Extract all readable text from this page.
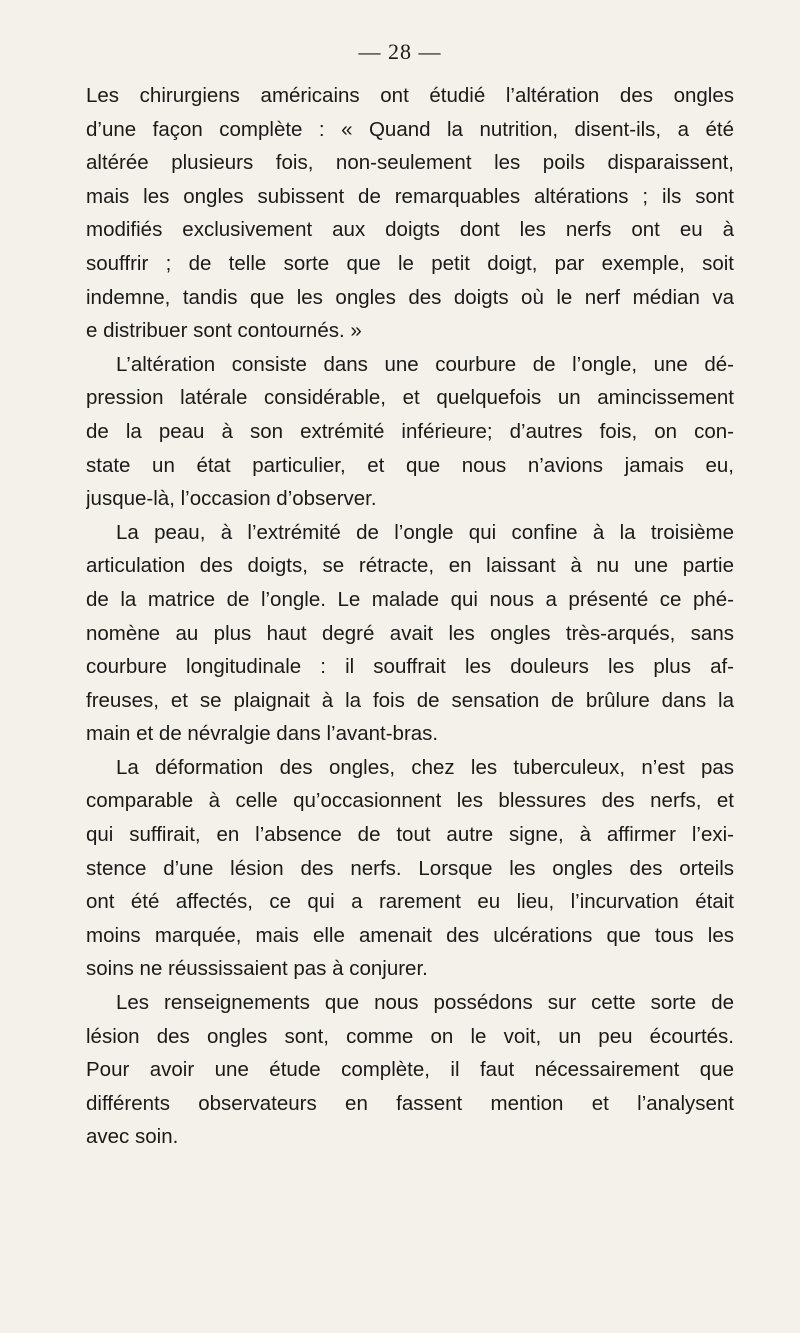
— 28 —
Les chirurgiens américains ont étudié l’altération des ongles
d’une façon complète : « Quand la nutrition, disent-ils, a été
altérée plusieurs fois, non-seulement les poils disparaissent,
mais les ongles subissent de remarquables altérations ; ils sont
modifiés exclusivement aux doigts dont les nerfs ont eu à
souffrir ; de telle sorte que le petit doigt, par exemple, soit
indemne, tandis que les ongles des doigts où le nerf médian va
e distribuer sont contournés. »
L’altération consiste dans une courbure de l’ongle, une dé-
pression latérale considérable, et quelquefois un amincissement
de la peau à son extrémité inférieure; d’autres fois, on con-
state un état particulier, et que nous n’avions jamais eu,
jusque-là, l’occasion d’observer.
La peau, à l’extrémité de l’ongle qui confine à la troisième
articulation des doigts, se rétracte, en laissant à nu une partie
de la matrice de l’ongle. Le malade qui nous a présenté ce phé-
nomène au plus haut degré avait les ongles très-arqués, sans
courbure longitudinale : il souffrait les douleurs les plus af-
freuses, et se plaignait à la fois de sensation de brûlure dans la
main et de névralgie dans l’avant-bras.
La déformation des ongles, chez les tuberculeux, n’est pas
comparable à celle qu’occasionnent les blessures des nerfs, et
qui suffirait, en l’absence de tout autre signe, à affirmer l’exi-
stence d’une lésion des nerfs. Lorsque les ongles des orteils
ont été affectés, ce qui a rarement eu lieu, l’incurvation était
moins marquée, mais elle amenait des ulcérations que tous les
soins ne réussissaient pas à conjurer.
Les renseignements que nous possédons sur cette sorte de
lésion des ongles sont, comme on le voit, un peu écourtés.
Pour avoir une étude complète, il faut nécessairement que
différents observateurs en fassent mention et l’analysent
avec soin.
